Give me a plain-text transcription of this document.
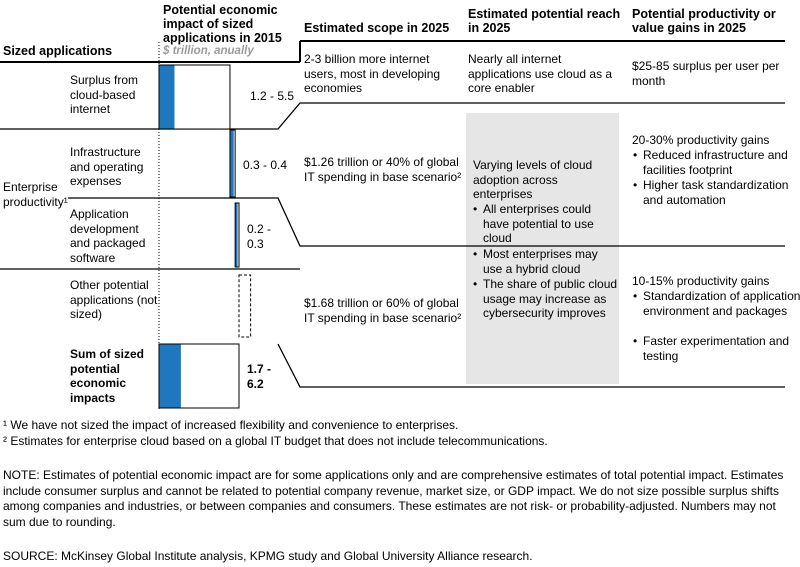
Sized applications
Potential economic impact of sized applications in 2015
$ trillion, anually
Estimated scope in 2025
Estimated potential reach in 2025
Potential productivity or value gains in 2025
Surplus from cloud-based internet
Enterprise productivity¹
Infrastructure and operating expenses
Application development and packaged software
Other potential applications (not sized)
Sum of sized potential economic impacts
1.2 - 5.5
0.3 - 0.4
0.2 -
0.3
1.7 -
6.2
2-3 billion more internet users, most in developing economies
$1.26 trillion or 40% of global IT spending in base scenario²
$1.68 trillion or 60% of global IT spending in base scenario²
Nearly all internet applications use cloud as a core enabler
Varying levels of cloud adoption across enterprises
• All enterprises could have potential to use cloud
• Most enterprises may use a hybrid cloud
• The share of public cloud usage may increase as cybersecurity improves
$25-85 surplus per user per month
20-30% productivity gains
• Reduced infrastructure and facilities footprint
• Higher task standardization and automation
10-15% productivity gains
• Standardization of application environment and packages
• Faster experimentation and testing
¹ We have not sized the impact of increased flexibility and convenience to enterprises.
² Estimates for enterprise cloud based on a global IT budget that does not include telecommunications.
NOTE: Estimates of potential economic impact are for some applications only and are comprehensive estimates of total potential impact. Estimates include consumer surplus and cannot be related to potential company revenue, market size, or GDP impact. We do not size possible surplus shifts among companies and industries, or between companies and consumers. These estimates are not risk- or probability-adjusted. Numbers may not sum due to rounding.
SOURCE: McKinsey Global Institute analysis, KPMG study and Global University Alliance research.
